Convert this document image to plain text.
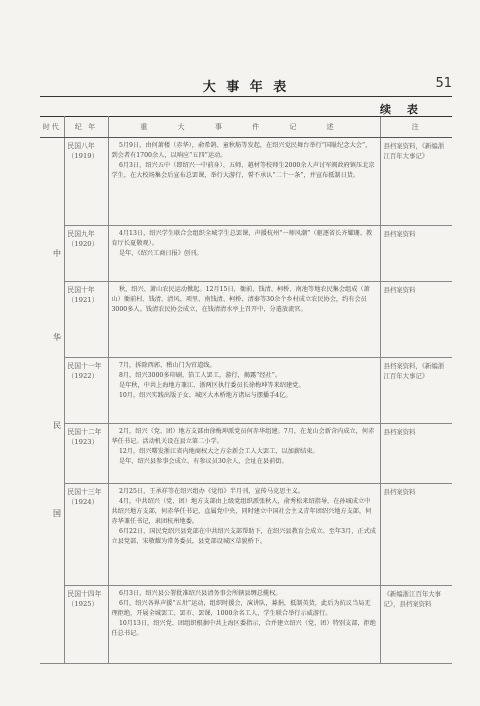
大 事 年 表	51
续 表
时代	纪 年	重 大 事 件 记 述	注
	民国八年（1919）	5月9日，由何萧楼（赤华），俞希鹄、童秋舫等发起，在绍兴觉民舞台举行“国耻纪念大会”，到会者有1700余人，以响应“五四”运动。

6月3日，绍兴五中（即绍兴一中前身）、五师、越材等校师生2000余人声讨军阀政府镇压北京学生，在大校场集会后宣布总罢课，举行大游行，誓不承认“二十一条”，并宣布抵制日货。	县档案资料，《新编浙江百年大事记》
	民国九年（1920）	4月13日，绍兴学生联合会组织全城学生总罢课，声援杭州“一师风潮”（驱逐省长齐耀珊、教育厅长夏敬观）。

是年，《绍兴工商日报》创刊。	县档案资料
	民国十年（1921）	秋，绍兴、萧山农民运动掀起。12月15日，衙前、钱清、柯桥、南池等地农民集会组成（萧山）衙前村、钱清、清风、项里、南钱清、柯桥、清秦等30余个乡村成立农民协会，约有会员3000多人。钱清农民协会成立，在钱清清水亭上召开中，分遣放流官。	县档案资料
	民国十一年（1922）	7月，拆除西郭、稽山门为官道线。

8月，绍兴3000多印刷、箔工人罢工，游行，揭露“经社”。

是年秋，中共上海地方兼江、浙两区执行委员长徐梅坤等来绍建党。

10月，绍兴实践出版子女、城区大木桥地方诸坛与摆播手4亿。	县档案资料，《新编浙江百年大事记》
	民国十二年（1923）	2月，绍兴（党、团）地方支部由徐梅坤派党员何赤华组建。7月，在龙山会新含内成立，何赤华任书记。活动机关设在县立第二小学。

12月，绍兴曙发浙江省内地商权大之方金新会工人大罢工，以加薪结束。

是年，绍兴县参事会成立，有参议员30余人，会址在县前街。	县档案资料
	民国十三年（1924）	2月25日，王承祥等在绍兴组办《觉悟》半月刊，宣传马克思主义。

4月，中共绍兴（党、团）地方支部由上级党组织派张秋人，俞秀松来绍指导，在孙城成立中共绍兴地方支部，何赤华任书记，直属党中央，同时建立中国社会主义青年团绍兴地方支部，何赤华兼任书记，隶团杭州地委。

6月22日，国民党绍兴县党部在中共绍兴支部帮助下，在绍兴县教育会成立。至年3月，正式成立县党部，宋敬耀为常务委员，县党部设城区草貌桥下。	县档案资料
	民国十四年（1925）	6月3日，绍兴县公署批准绍兴县清务事会所辖县绸总揽权。

6月，绍兴各界声援“五卅”运动，组织时援会，演讲队，募捐，抵制英货，此后为抗议当局无理拒绝，开展全城罢工、罢市、罢课，1000余名工人、学生联合举行示威游行。

10月13日，绍兴党、团组织根据中共上海区委指示，合并建立绍兴（党、团）特别支部，拒绝任总书记。	《新编浙江百年大事记》，县档案资料
中
华
民
国
